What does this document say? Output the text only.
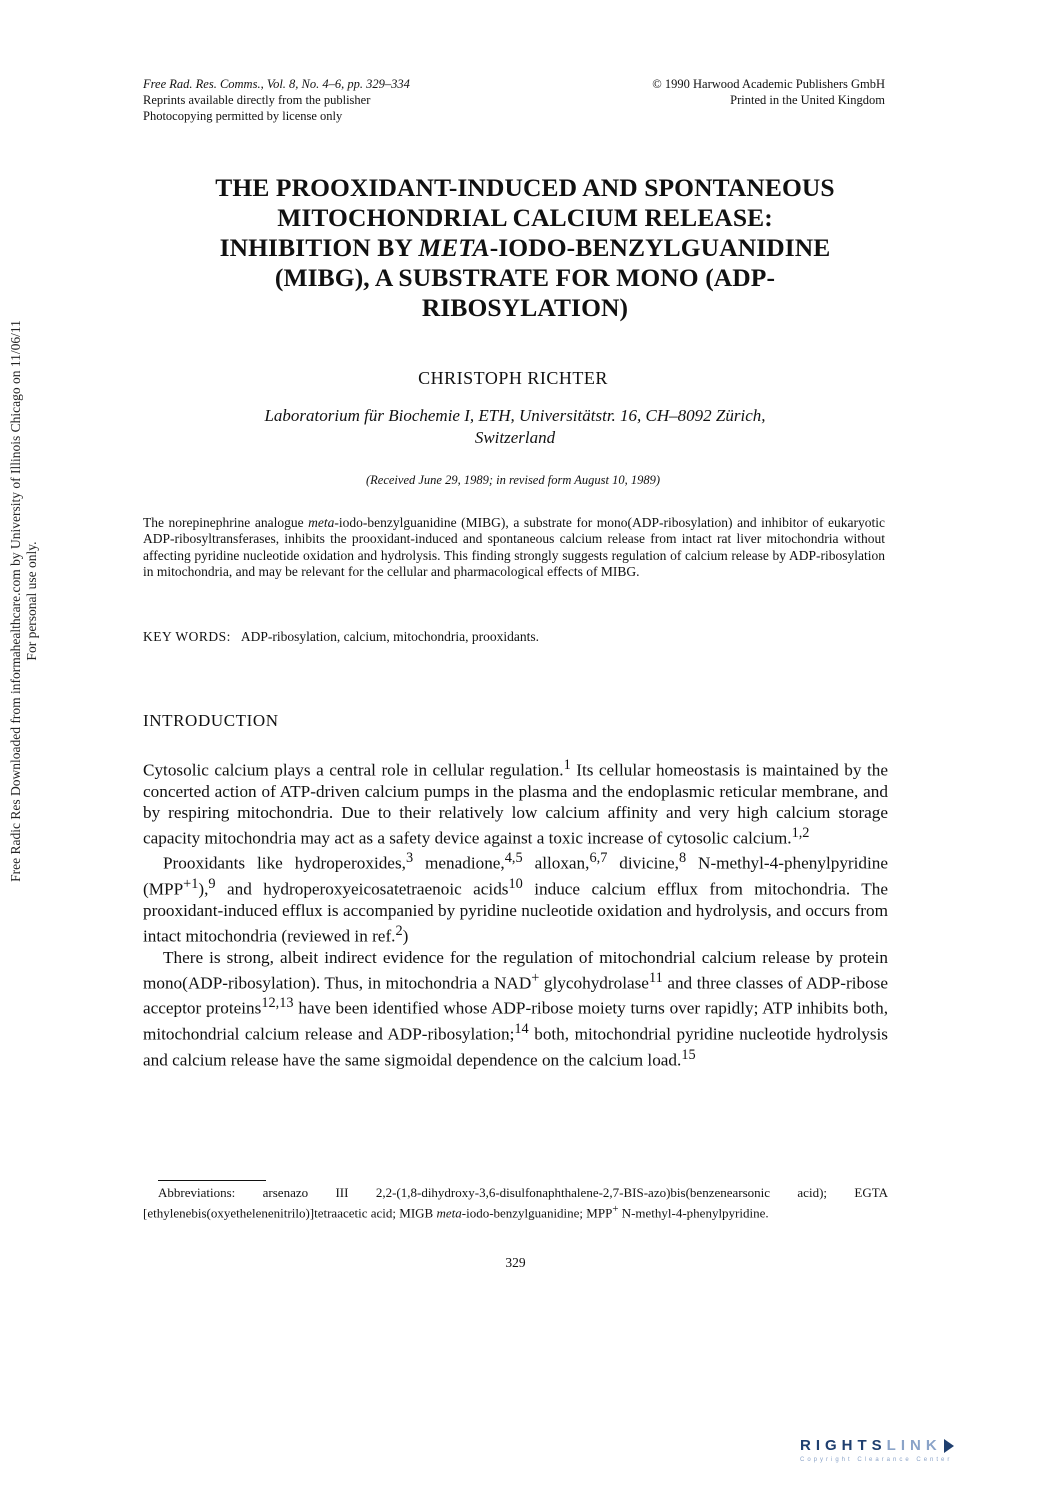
Free Rad. Res. Comms., Vol. 8, No. 4–6, pp. 329–334
Reprints available directly from the publisher
Photocopying permitted by license only
© 1990 Harwood Academic Publishers GmbH
Printed in the United Kingdom
THE PROOXIDANT-INDUCED AND SPONTANEOUS
MITOCHONDRIAL CALCIUM RELEASE:
INHIBITION BY META-IODO-BENZYLGUANIDINE
(MIBG), A SUBSTRATE FOR MONO (ADP-
RIBOSYLATION)
CHRISTOPH RICHTER
Laboratorium für Biochemie I, ETH, Universitätstr. 16, CH–8092 Zürich,
Switzerland
(Received June 29, 1989; in revised form August 10, 1989)
The norepinephrine analogue meta-iodo-benzylguanidine (MIBG), a substrate for mono(ADP-ribosylation) and inhibitor of eukaryotic ADP-ribosyltransferases, inhibits the prooxidant-induced and spontaneous calcium release from intact rat liver mitochondria without affecting pyridine nucleotide oxidation and hydrolysis. This finding strongly suggests regulation of calcium release by ADP-ribosylation in mitochondria, and may be relevant for the cellular and pharmacological effects of MIBG.
KEY WORDS: ADP-ribosylation, calcium, mitochondria, prooxidants.
INTRODUCTION

Cytosolic calcium plays a central role in cellular regulation.$^1$ Its cellular homeostasis is maintained by the concerted action of ATP-driven calcium pumps in the plasma and the endoplasmic reticular membrane, and by respiring mitochondria. Due to their relatively low calcium affinity and very high calcium storage capacity mitochondria may act as a safety device against a toxic increase of cytosolic calcium.$^{1,2}$

Prooxidants like hydroperoxides,$^3$ menadione,$^{4,5}$ alloxan,$^{6,7}$ divicine,$^8$ N-methyl-4-phenylpyridine $(MPP^{+1}),^9$ and hydroperoxyeicosatetraenoic acids$^{10}$ induce calcium efflux from mitochondria. The prooxidant-induced efflux is accompanied by pyridine nucleotide oxidation and hydrolysis, and occurs from intact mitochondria (reviewed in ref.$^2$)

There is strong, albeit indirect evidence for the regulation of mitochondrial calcium release by protein mono(ADP-ribosylation). Thus, in mitochondria a NAD+ glycohydrolase$^{11}$ and three classes of ADP-ribose acceptor proteins$^{12,13}$ have been identified whose ADP-ribose moiety turns over rapidly; ATP inhibits both, mitochondrial calcium release and ADP-ribosylation;$^{14}$ both, mitochondrial pyridine nucleotide hydrolysis and calcium release have the same sigmoidal dependence on the calcium load.$^{15}$

Abbreviations: arsenazo III 2,2-(1,8-dihydroxy-3,6-disulfonaphthalene-2,7-BIS-azo)bis(benzenearsonic acid); EGTA [ethylenebis(oxyethelenenitrilo)]tetraacetic acid; MIGB meta-iodo-benzylguanidine; MPP+ N-methyl-4-phenylpyridine.
329
Free Radic Res Downloaded from informahealthcare.com by University of Illinois Chicago on 11/06/11 For personal use only.
RIGHTSLINK
Copyright Clearance Center
